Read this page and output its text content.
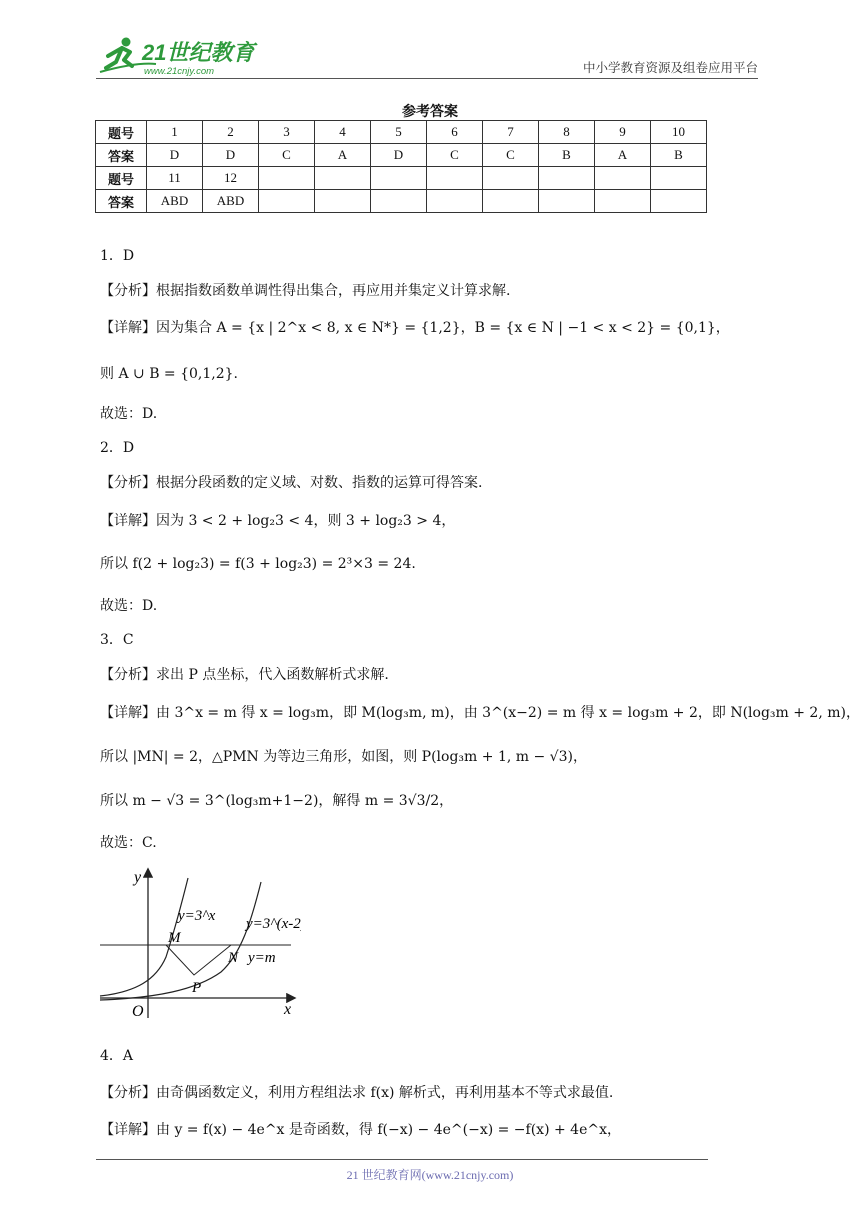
21世纪教育
www.21cnjy.com	中小学教育资源及组卷应用平台
参考答案
题号	1	2	3	4	5	6	7	8	9	10
答案	D	D	C	A	D	C	C	B	A	B
题号	11	12								
答案	ABD	ABD								
1．D
【分析】根据指数函数单调性得出集合，再应用并集定义计算求解.
【详解】因为集合 A = {x | 2^x < 8, x ∈ N*} = {1,2}，B = {x ∈ N | −1 < x < 2} = {0,1}，
则 A ∪ B = {0,1,2}.
故选：D.
2．D
【分析】根据分段函数的定义域、对数、指数的运算可得答案.
【详解】因为 3 < 2 + log₂3 < 4，则 3 + log₂3 > 4，
所以 f(2 + log₂3) = f(3 + log₂3) = 2³×3 = 24.
故选：D.
3．C
【分析】求出 P 点坐标，代入函数解析式求解.
【详解】由 3^x = m 得 x = log₃m，即 M(log₃m, m)，由 3^(x−2) = m 得 x = log₃m + 2，即 N(log₃m + 2, m)，
所以 |MN| = 2，△PMN 为等边三角形，如图，则 P(log₃m + 1, m − √3)，
所以 m − √3 = 3^(log₃m+1−2)，解得 m = 3√3/2，
故选：C.
y
x
O
y=3^x y=3^(x-2)
y=m
M
N
P
4．A
【分析】由奇偶函数定义，利用方程组法求 f(x) 解析式，再利用基本不等式求最值.
【详解】由 y = f(x) − 4e^x 是奇函数，得 f(−x) − 4e^(−x) = −f(x) + 4e^x，
21 世纪教育网(www.21cnjy.com)
